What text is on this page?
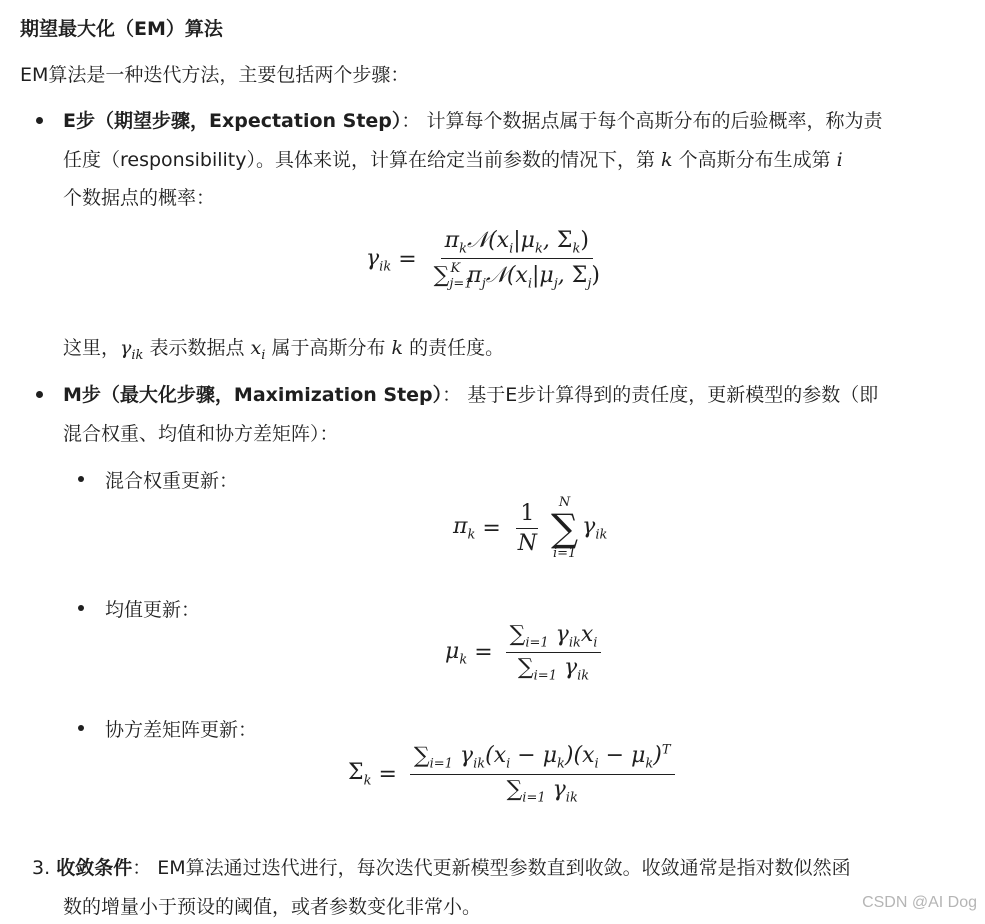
期望最大化（EM）算法
EM算法是一种迭代方法，主要包括两个步骤：
E步（期望步骤，Expectation Step）： 计算每个数据点属于每个高斯分布的后验概率，称为责
任度（responsibility）。具体来说，计算在给定当前参数的情况下，第 k 个高斯分布生成第 i
个数据点的概率：
$\gamma_{ik} = \frac{\pi_k𝒩(x_i|\mu_k, \Sigma_k)}{\sum_{j=1}^K \pi_j𝒩(x_i|\mu_j, \Sigma_j)}$
这里，$\gamma_{ik}$ 表示数据点 $x_i$ 属于高斯分布 k 的责任度。
M步（最大化步骤，Maximization Step）： 基于E步计算得到的责任度，更新模型的参数（即
混合权重、均值和协方差矩阵）：
混合权重更新：
$\pi_k = \frac{1}{N}$ N
∑
i=1
$\gamma_{ik}$
均值更新：
$\mu_k = \frac{\sum_{i=1} \gamma_{ik}x_i}{\sum_{i=1} \gamma_{ik}}$
协方差矩阵更新：
$\Sigma_k = \frac{\sum_{i=1} \gamma_{ik}(x_i - \mu_k)(x_i - \mu_k)^T}{\sum_{i=1} \gamma_{ik}}$
3. 收敛条件： EM算法通过迭代进行，每次迭代更新模型参数直到收敛。收敛通常是指对数似然函
数的增量小于预设的阈值，或者参数变化非常小。	CSDN @AI Dog
